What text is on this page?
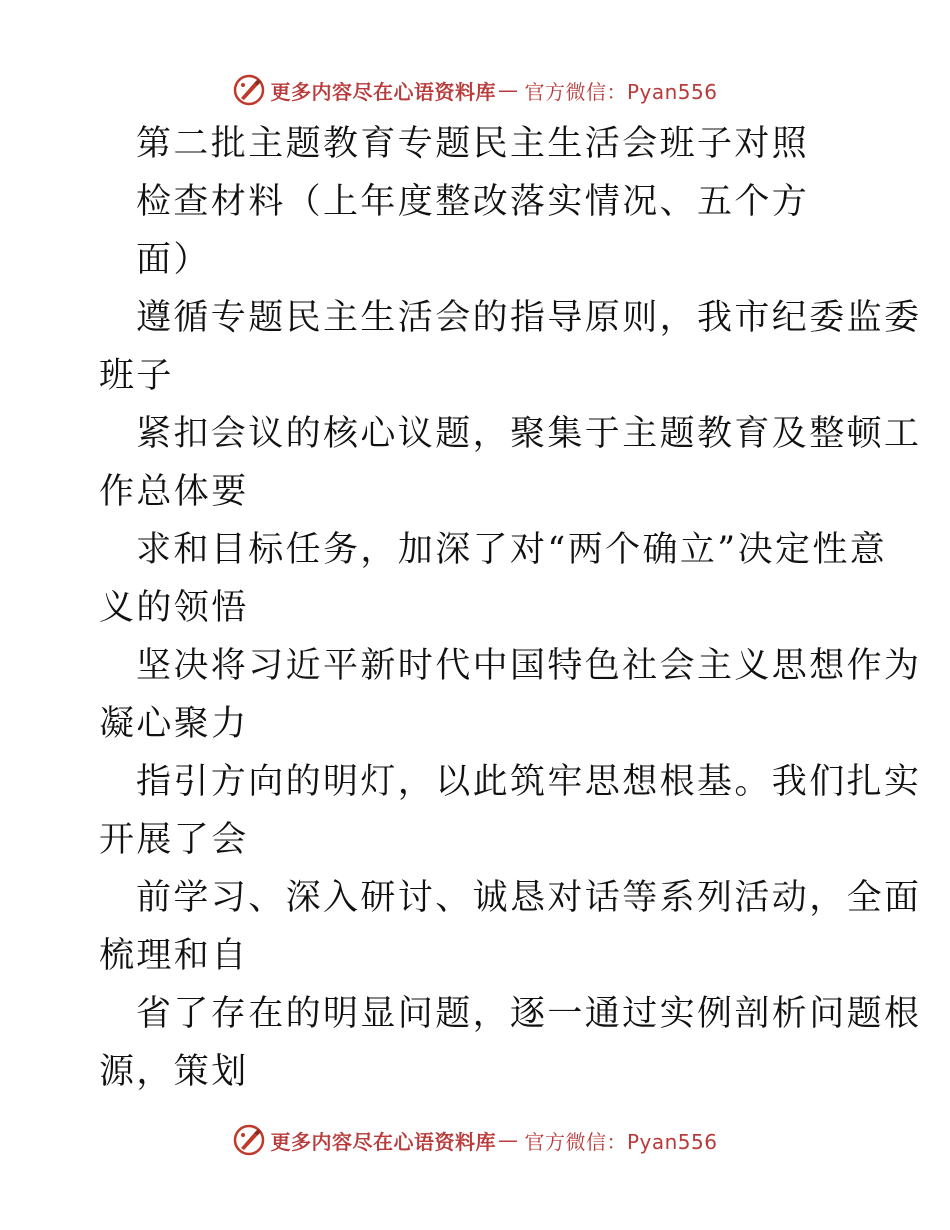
更多内容尽在心语资料库 — 官方微信：Pyan556
第二批主题教育专题民主生活会班子对照
检查材料（上年度整改落实情况、五个方
面）
遵循专题民主生活会的指导原则，我市纪委监委
班子
紧扣会议的核心议题，聚集于主题教育及整顿工
作总体要
求和目标任务，加深了对“两个确立”决定性意
义的领悟
坚决将习近平新时代中国特色社会主义思想作为
凝心聚力
指引方向的明灯，以此筑牢思想根基。我们扎实
开展了会
前学习、深入研讨、诚恳对话等系列活动，全面
梳理和自
省了存在的明显问题，逐一通过实例剖析问题根
源，策划
更多内容尽在心语资料库 — 官方微信：Pyan556
